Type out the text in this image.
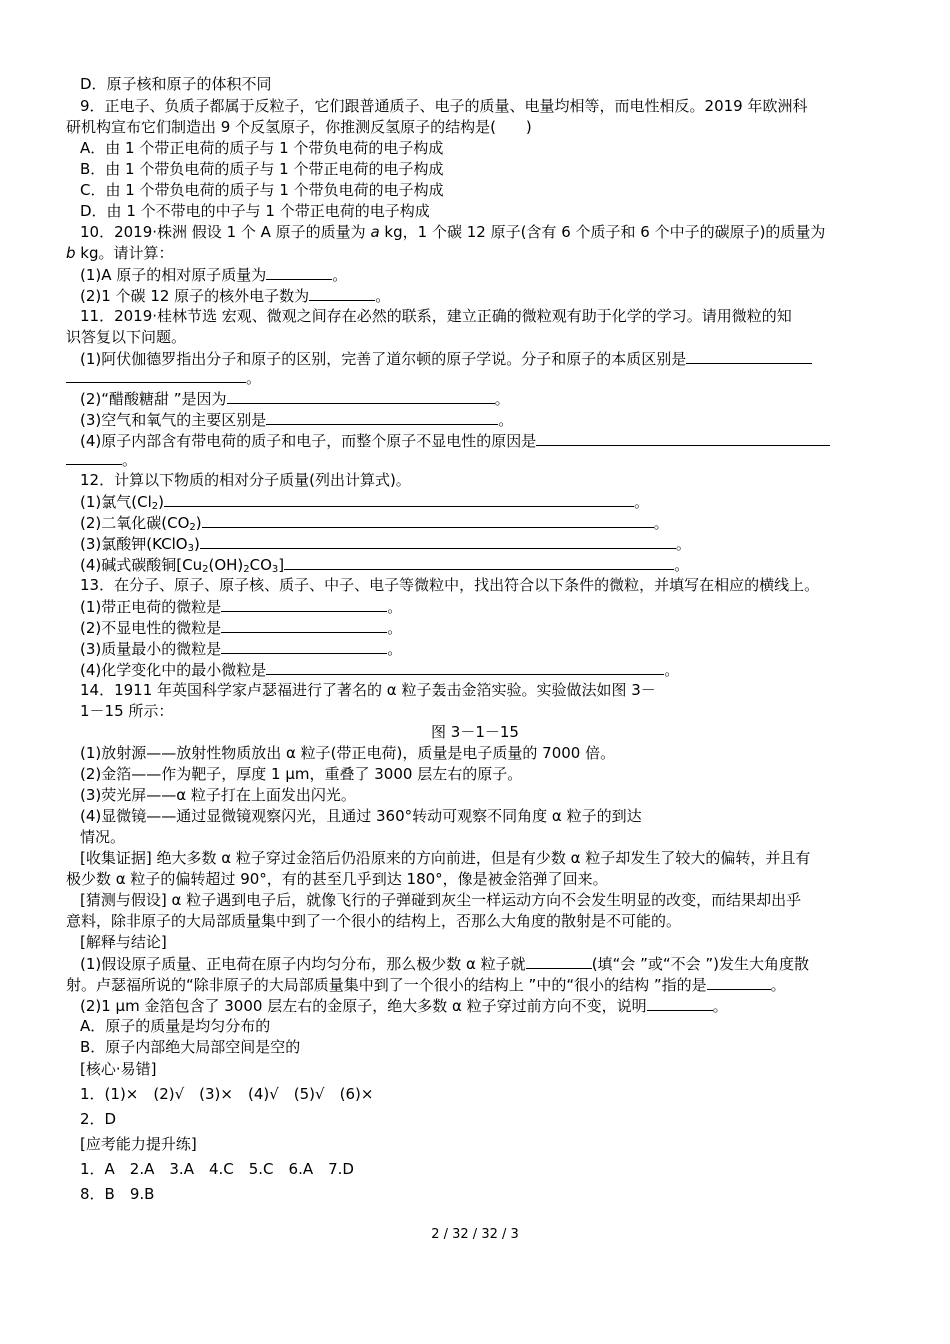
D．原子核和原子的体积不同
9．正电子、负质子都属于反粒子，它们跟普通质子、电子的质量、电量均相等，而电性相反。2019 年欧洲科
研机构宣布它们制造出 9 个反氢原子，你推测反氢原子的结构是(　　)
A．由 1 个带正电荷的质子与 1 个带负电荷的电子构成
B．由 1 个带负电荷的质子与 1 个带正电荷的电子构成
C．由 1 个带负电荷的质子与 1 个带负电荷的电子构成
D．由 1 个不带电的中子与 1 个带正电荷的电子构成
10．2019·株洲 假设 1 个 A 原子的质量为 a kg，1 个碳 12 原子(含有 6 个质子和 6 个中子的碳原子)的质量为
b kg。请计算：
(1)A 原子的相对原子质量为	。
(2)1 个碳 12 原子的核外电子数为	。
11．2019·桂林节选 宏观、微观之间存在必然的联系，建立正确的微粒观有助于化学的学习。请用微粒的知
识答复以下问题。
(1)阿伏伽德罗指出分子和原子的区别，完善了道尔顿的原子学说。分子和原子的本质区别是
。
(2)“醋酸糖甜 ”是因为	。
(3)空气和氧气的主要区别是	。
(4)原子内部含有带电荷的质子和电子，而整个原子不显电性的原因是
。
12．计算以下物质的相对分子质量(列出计算式)。
(1)氯气$(Cl_2)$	。
(2)二氧化碳$(CO_2)$	。
(3)氯酸钾(KClO$_3$)	。
(4)碱式碳酸铜$[Cu_2(OH)_2CO_3]$	。
13．在分子、原子、原子核、质子、中子、电子等微粒中，找出符合以下条件的微粒，并填写在相应的横线上。
(1)带正电荷的微粒是	。
(2)不显电性的微粒是	。
(3)质量最小的微粒是	。
(4)化学变化中的最小微粒是	。
14．1911 年英国科学家卢瑟福进行了著名的 α 粒子轰击金箔实验。实验做法如图 3－
1－15 所示：
图 3－1－15
(1)放射源——放射性物质放出 α 粒子(带正电荷)，质量是电子质量的 7000 倍。
(2)金箔——作为靶子，厚度 1 μm，重叠了 3000 层左右的原子。
(3)荧光屏——α 粒子打在上面发出闪光。
(4)显微镜——通过显微镜观察闪光，且通过 360°转动可观察不同角度 α 粒子的到达
情况。
[收集证据] 绝大多数 α 粒子穿过金箔后仍沿原来的方向前进，但是有少数 α 粒子却发生了较大的偏转，并且有
极少数 α 粒子的偏转超过 90°，有的甚至几乎到达 180°，像是被金箔弹了回来。
[猜测与假设] α 粒子遇到电子后，就像飞行的子弹碰到灰尘一样运动方向不会发生明显的改变，而结果却出乎
意料，除非原子的大局部质量集中到了一个很小的结构上，否那么大角度的散射是不可能的。
[解释与结论]
(1)假设原子质量、正电荷在原子内均匀分布，那么极少数 α 粒子就	(填“会 ”或“不会 ”)发生大角度散
射。卢瑟福所说的“除非原子的大局部质量集中到了一个很小的结构上 ”中的“很小的结构 ”指的是	。
(2)1 μm 金箔包含了 3000 层左右的金原子，绝大多数 α 粒子穿过前方向不变，说明	。
A．原子的质量是均匀分布的
B．原子内部绝大局部空间是空的
[核心·易错]
1．(1)×　(2)√　(3)×　(4)√　(5)√　(6)×
2．D
[应考能力提升练]
1．A　2.A　3.A　4.C　5.C　6.A　7.D
8．B　9.B
2 / 32 / 32 / 3
